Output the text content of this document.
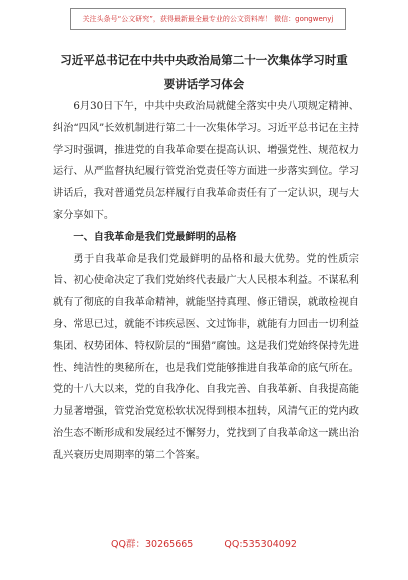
关注头条号“公文研究”，获得最新最全最专业的公文资料库！ 微信：gongwenyj
习近平总书记在中共中央政治局第二十一次集体学习时重
要讲话学习体会

6月30日下午，中共中央政治局就健全落实中央八项规定精神、纠治“四风”长效机制进行第二十一次集体学习。习近平总书记在主持学习时强调，推进党的自我革命要在提高认识、增强党性、规范权力运行、从严监督执纪履行管党治党责任等方面进一步落实到位。学习讲话后，我对普通党员怎样履行自我革命责任有了一定认识，现与大家分享如下。

一、自我革命是我们党最鲜明的品格

勇于自我革命是我们党最鲜明的品格和最大优势。党的性质宗旨、初心使命决定了我们党始终代表最广大人民根本利益。不谋私利就有了彻底的自我革命精神，就能坚持真理、修正错误，就敢检视自身、常思已过，就能不讳疾忌医、文过饰非，就能有力回击一切利益集团、权势团体、特权阶层的“围猎”腐蚀。这是我们党始终保持先进性、纯洁性的奥秘所在，也是我们党能够推进自我革命的底气所在。党的十八大以来，党的自我净化、自我完善、自我革新、自我提高能力显著增强，管党治党宽松软状况得到根本扭转，风清气正的党内政治生态不断形成和发展经过不懈努力，党找到了自我革命这一跳出治乱兴衰历史周期率的第二个答案。

QQ群：30265665	QQ:535304092
